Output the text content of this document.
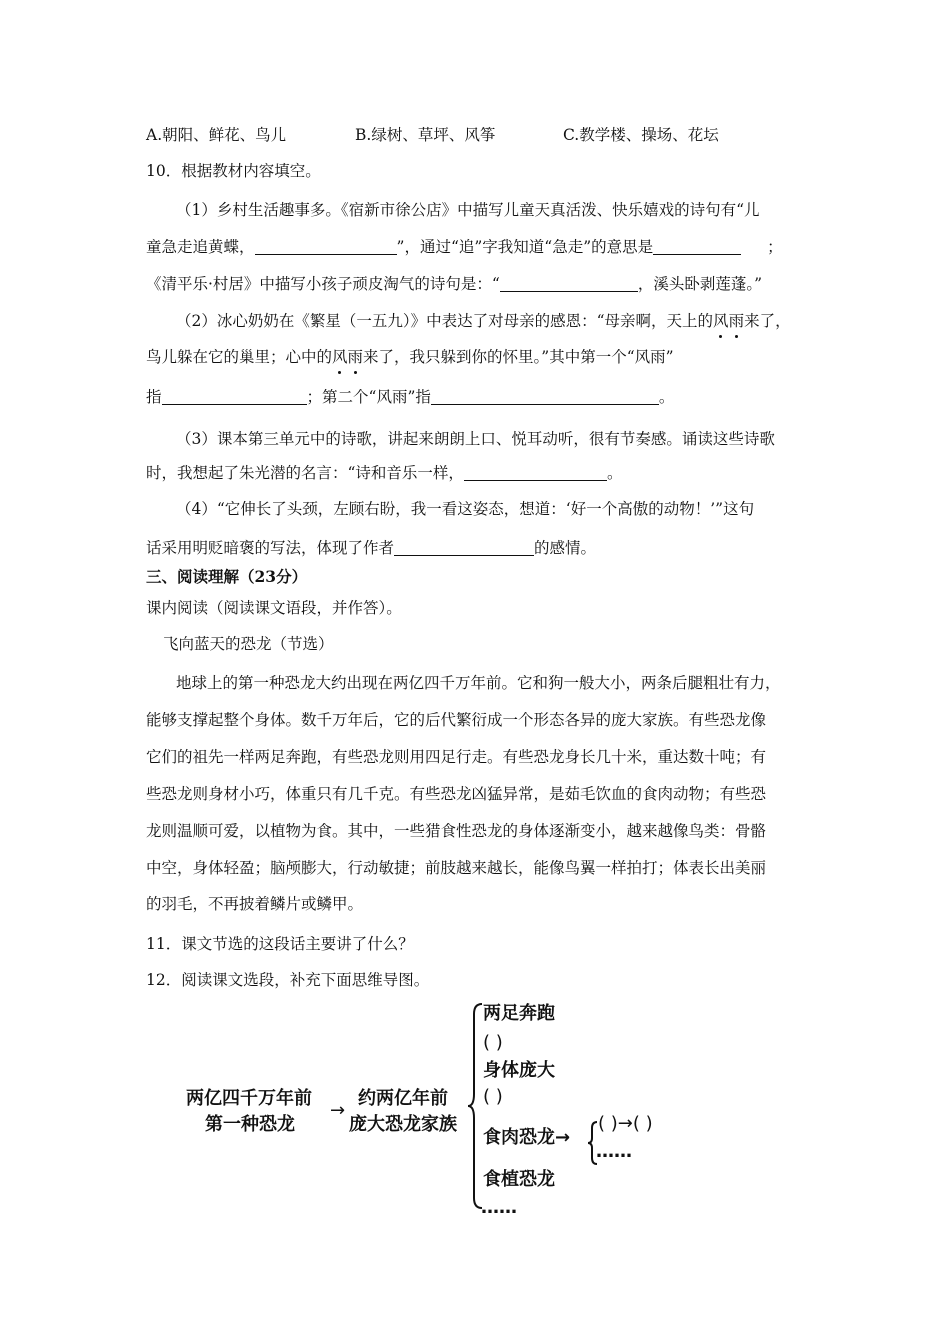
A.朝阳、鲜花、鸟儿	B.绿树、草坪、风筝	C.教学楼、操场、花坛
10．根据教材内容填空。
（1）乡村生活趣事多。《宿新市徐公店》中描写儿童天真活泼、快乐嬉戏的诗句有“儿
童急走追黄蝶，	”，通过“追”字我知道“急走”的意思是	；
《清平乐·村居》中描写小孩子顽皮淘气的诗句是：“	，溪头卧剥莲蓬。”
（2）冰心奶奶在《繁星（一五九）》中表达了对母亲的感恩：“母亲啊，天上的风雨来了，
鸟儿躲在它的巢里；心中的风雨来了，我只躲到你的怀里。”其中第一个“风雨”
指	；第二个“风雨”指	。
（3）课本第三单元中的诗歌，讲起来朗朗上口、悦耳动听，很有节奏感。诵读这些诗歌
时，我想起了朱光潜的名言：“诗和音乐一样，	。
（4）“它伸长了头颈，左顾右盼，我一看这姿态，想道：‘好一个高傲的动物！’”这句
话采用明贬暗褒的写法，体现了作者	的感情。
三、阅读理解（23分）
课内阅读（阅读课文语段，并作答）。
飞向蓝天的恐龙（节选）
地球上的第一种恐龙大约出现在两亿四千万年前。它和狗一般大小，两条后腿粗壮有力，
能够支撑起整个身体。数千万年后，它的后代繁衍成一个形态各异的庞大家族。有些恐龙像
它们的祖先一样两足奔跑，有些恐龙则用四足行走。有些恐龙身长几十米，重达数十吨；有
些恐龙则身材小巧，体重只有几千克。有些恐龙凶猛异常，是茹毛饮血的食肉动物；有些恐
龙则温顺可爱，以植物为食。其中，一些猎食性恐龙的身体逐渐变小，越来越像鸟类：骨骼
中空，身体轻盈；脑颅膨大，行动敏捷；前肢越来越长，能像鸟翼一样拍打；体表长出美丽
的羽毛，不再披着鳞片或鳞甲。
11．课文节选的这段话主要讲了什么？
12．阅读课文选段，补充下面思维导图。
两亿四千万年前
第一种恐龙
→
约两亿年前
庞大恐龙家族
两足奔跑
( )
身体庞大
( )
食肉恐龙→
( )→( )
……
食植恐龙
……
